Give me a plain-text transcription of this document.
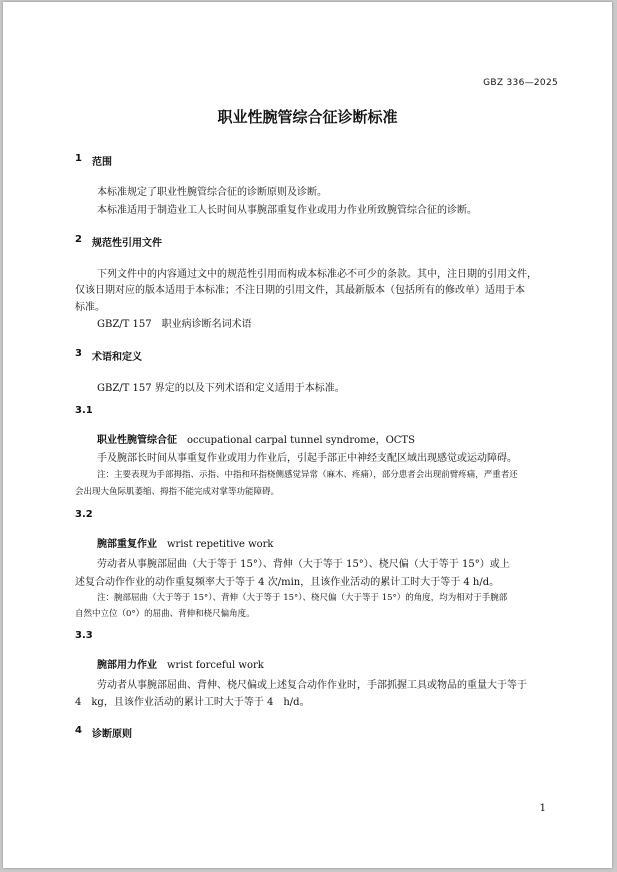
GBZ 336—2025
职业性腕管综合征诊断标准
1 范围
本标准规定了职业性腕管综合征的诊断原则及诊断。
本标准适用于制造业工人长时间从事腕部重复作业或用力作业所致腕管综合征的诊断。
2 规范性引用文件
下列文件中的内容通过文中的规范性引用而构成本标准必不可少的条款。其中，注日期的引用文件，
仅该日期对应的版本适用于本标准；不注日期的引用文件，其最新版本（包括所有的修改单）适用于本
标准。
GBZ/T 157　职业病诊断名词术语
3 术语和定义
GBZ/T 157 界定的以及下列术语和定义适用于本标准。
3.1
职业性腕管综合征 occupational carpal tunnel syndrome，OCTS
手及腕部长时间从事重复作业或用力作业后，引起手部正中神经支配区域出现感觉或运动障碍。
注：主要表现为手部拇指、示指、中指和环指桡侧感觉异常（麻木、疼痛），部分患者会出现前臂疼痛，严重者还
会出现大鱼际肌萎缩、拇指不能完成对掌等功能障碍。
3.2
腕部重复作业 wrist repetitive work
劳动者从事腕部屈曲（大于等于 15°）、背伸（大于等于 15°）、桡尺偏（大于等于 15°）或上
述复合动作作业的动作重复频率大于等于 4 次/min，且该作业活动的累计工时大于等于 4 h/d。
注：腕部屈曲（大于等于 15°）、背伸（大于等于 15°）、桡尺偏（大于等于 15°）的角度，均为相对于手腕部
自然中立位（0°）的屈曲、背伸和桡尺偏角度。
3.3
腕部用力作业 wrist forceful work
劳动者从事腕部屈曲、背伸、桡尺偏或上述复合动作作业时，手部抓握工具或物品的重量大于等于
4　kg，且该作业活动的累计工时大于等于 4　h/d。
4 诊断原则
1
